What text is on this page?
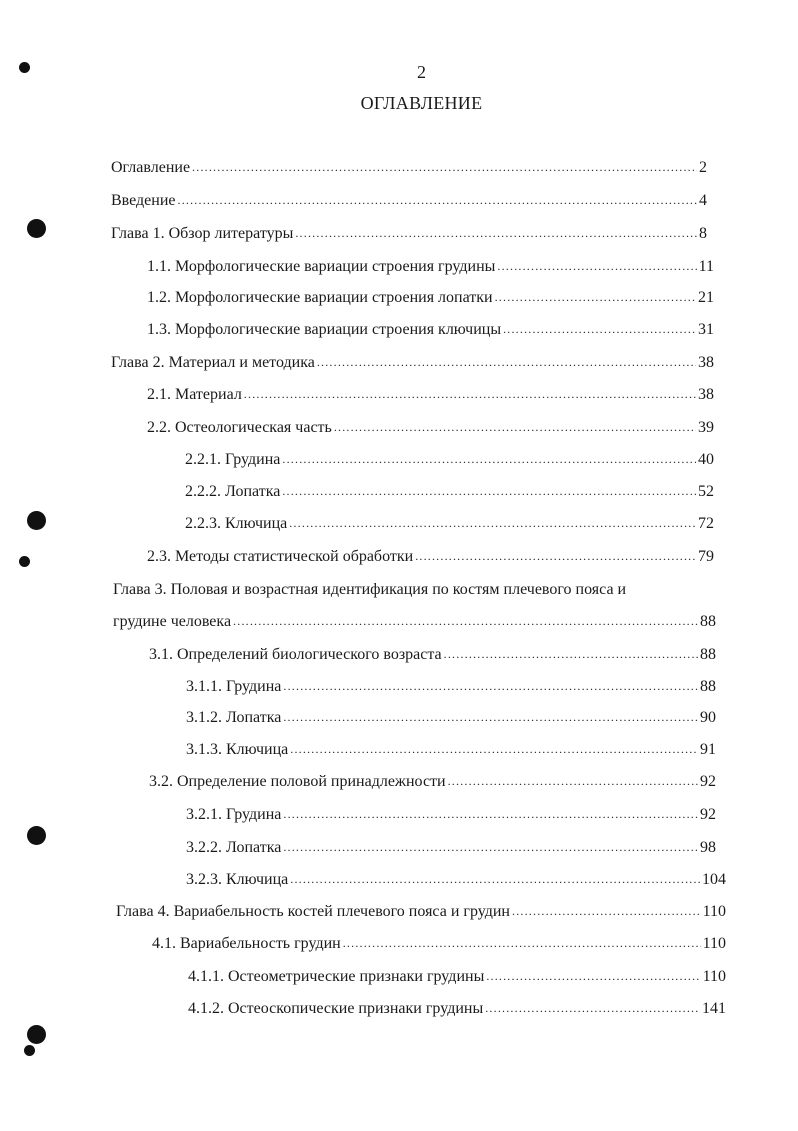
2
ОГЛАВЛЕНИЕ
Оглавление .....	2
Введение .....	4
Глава 1. Обзор литературы .....	8
1.1. Морфологические вариации строения грудины .....	11
1.2. Морфологические вариации строения лопатки .....	21
1.3. Морфологические вариации строения ключицы .....	31
Глава 2. Материал и методика .....	38
2.1. Материал .....	38
2.2. Остеологическая часть .....	39
2.2.1. Грудина .....	40
2.2.2. Лопатка .....	52
2.2.3. Ключица .....	72
2.3. Методы статистической обработки .....	79
Глава 3. Половая и возрастная идентификация по костям плечевого пояса и
грудине человека .....	88
3.1. Определений биологического возраста .....	88
3.1.1. Грудина .....	88
3.1.2. Лопатка .....	90
3.1.3. Ключица .....	91
3.2. Определение половой принадлежности .....	92
3.2.1. Грудина .....	92
3.2.2. Лопатка .....	98
3.2.3. Ключица .....	104
Глава 4. Вариабельность костей плечевого пояса и грудин .....	110
4.1. Вариабельность грудин .....	110
4.1.1. Остеометрические признаки грудины .....	110
4.1.2. Остеоскопические признаки грудины .....	141
